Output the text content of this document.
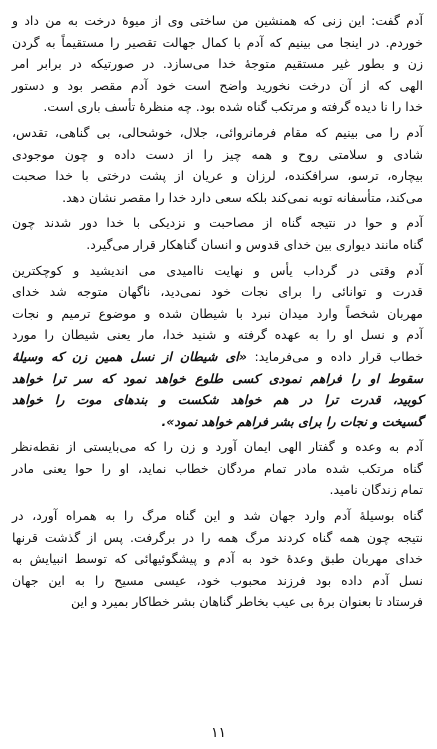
آدم گفت: این زنی که همنشین من ساختی وی از میوهٔ درخت به من داد و
خوردم. در اینجا می بینیم که آدم با کمال جهالت تقصیر را مستقیماً به گردن
زن و بطور غیر مستقیم متوجهٔ خدا می‌سازد. در صورتیکه در برابر امر
الهی که از آن درخت نخورید واضح است خود آدم مقصر بود و دستور
خدا را نا دیده گرفته و مرتکب گناه شده بود. چه منظرهٔ تأسف باری است.

آدم را می بینیم که مقام فرمانروائی، جلال، خوشحالی، بی گناهی، تقدس،
شادی و سلامتی روح و همه چیز را از دست داده و چون موجودی
بیچاره، ترسو، سرافکنده، لرزان و عریان از پشت درختی با خدا صحبت
می‌کند، متأسفانه توبه نمی‌کند بلکه سعی دارد خدا را مقصر نشان دهد.

آدم و حوا در نتیجه گناه از مصاحبت و نزدیکی با خدا دور شدند چون
گناه مانند دیواری بین خدای قدوس و انسان گناهکار قرار می‌گیرد.

آدم وقتی در گرداب یأس و نهایت ناامیدی می اندیشید و کوچکترین
قدرت و توانائی را برای نجات خود نمی‌دید، ناگهان متوجه شد خدای
مهربان شخصاً وارد میدان نبرد با شیطان شده و موضوع ترمیم و نجات
آدم و نسل او را به عهده گرفته و شنید خدا، مار یعنی شیطان را مورد
خطاب قرار داده و می‌فرماید: «ای شیطان از نسل همین زن که وسیلهٔ
سقوط او را فراهم نمودی کسی طلوع خواهد نمود که سر ترا خواهد
کوبید، قدرت ترا در هم خواهد شکست و بندهای موت را خواهد
گسیخت و نجات را برای بشر فراهم خواهد نمود».

آدم به وعده و گفتار الهی ایمان آورد و زن را که می‌بایستی از نقطه‌نظر
گناه مرتکب شده مادر تمام مردگان خطاب نماید، او را حوا یعنی مادر
تمام زندگان نامید.

گناه بوسیلهٔ آدم وارد جهان شد و این گناه مرگ را به همراه آورد، در
نتیجه چون همه گناه کردند مرگ همه را در برگرفت. پس از گذشت قرنها
خدای مهربان طبق وعدهٔ خود به آدم و پیشگوئیهائی که توسط انبیایش به
نسل آدم داده بود فرزند محبوب خود، عیسی مسیح را به این جهان
فرستاد تا بعنوان برهٔ بی عیب بخاطر گناهان بشر خطاکار بمیرد و این

۱۱
